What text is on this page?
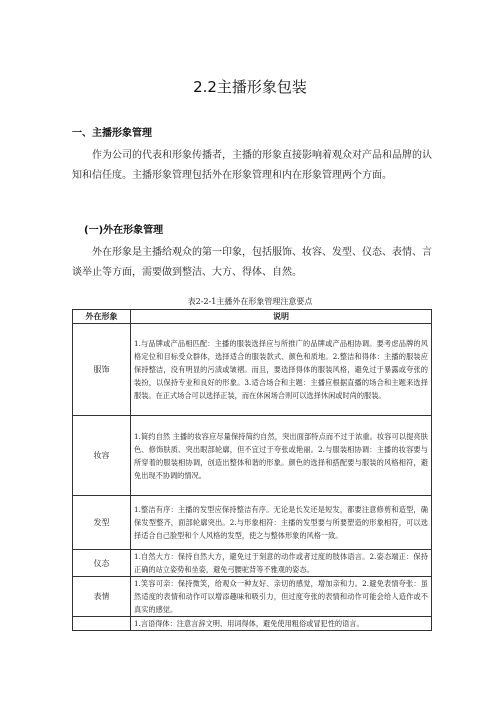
2.2主播形象包装
一、主播形象管理
作为公司的代表和形象传播者，主播的形象直接影响着观众对产品和品牌的认知和信任度。主播形象管理包括外在形象管理和内在形象管理两个方面。
(一)外在形象管理
外在形象是主播给观众的第一印象，包括服饰、妆容、发型、仪态、表情、言谈举止等方面，需要做到整洁、大方、得体、自然。
表2-2-1主播外在形象管理注意要点
外在形象	说明
服饰	1.与品牌或产品相匹配：主播的服装选择应与所推广的品牌或产品相协调。要考虑品牌的风格定位和目标受众群体，选择适合的服装款式、颜色和质地。2.整洁和得体：主播的服装应保持整洁，没有明显的污渍或皱褶。而且，要选择得体的服装风格，避免过于暴露或夸张的装扮，以保持专业和良好的形象。3.适合场合和主题：主播应根据直播的场合和主题来选择服装。在正式场合可以选择正装，而在休闲场合则可以选择休闲或时尚的服装。
妆容	1.简约自然 主播的妆容应尽量保持简约自然，突出面部特点而不过于浓重。妆容可以提亮肤色、修饰肤质、突出眼部轮廓，但不宜过于夸张或艳丽。2.与服装相协调：主播的妆容要与所穿着的服装相协调，创造出整体和谐的形象。颜色的选择和搭配要与服装的风格相符，避免出现不协调的情况。
发型	1.整洁有序：主播的发型应保持整洁有序。无论是长发还是短发，都要注意修剪和造型，确保发型整齐，面部轮廓突出。2.与形象相符：主播的发型要与所要塑造的形象相符，可以选择适合自己脸型和个人风格的发型，使之与整体形象的风格一致。
仪态	1.自然大方：保持自然大方，避免过于刻意的动作或者过度的肢体语言。2.姿态端正：保持正确的站立姿势和坐姿，避免弓腰驼背等不雅观的姿态。
表情	1.笑容可亲：保持微笑，给观众一种友好、亲切的感觉，增加亲和力。2.避免表情夸张：虽然适度的表情和动作可以增添趣味和吸引力，但过度夸张的表情和动作可能会给人造作或不真实的感觉。
	1.言语得体：注意言辞文明、用词得体，避免使用粗俗或冒犯性的语言。
